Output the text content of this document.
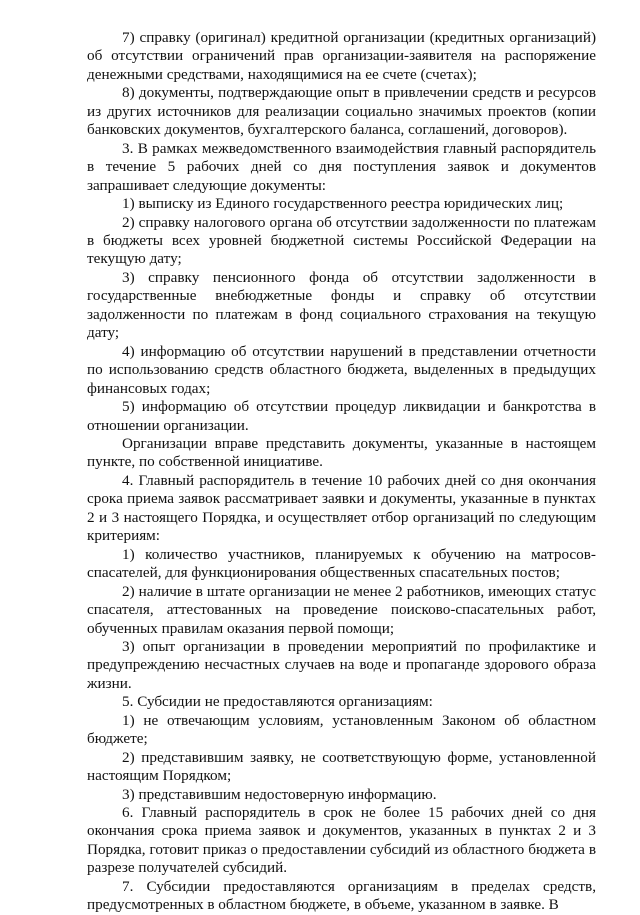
7) справку (оригинал) кредитной организации (кредитных организаций) об отсутствии ограничений прав организации-заявителя на распоряжение денежными средствами, находящимися на ее счете (счетах);

8) документы, подтверждающие опыт в привлечении средств и ресурсов из других источников для реализации социально значимых проектов (копии банковских документов, бухгалтерского баланса, соглашений, договоров).

3. В рамках межведомственного взаимодействия главный распорядитель в течение 5 рабочих дней со дня поступления заявок и документов запрашивает следующие документы:

1) выписку из Единого государственного реестра юридических лиц;

2) справку налогового органа об отсутствии задолженности по платежам в бюджеты всех уровней бюджетной системы Российской Федерации на текущую дату;

3) справку пенсионного фонда об отсутствии задолженности в государственные внебюджетные фонды и справку об отсутствии задолженности по платежам в фонд социального страхования на текущую дату;

4) информацию об отсутствии нарушений в представлении отчетности по использованию средств областного бюджета, выделенных в предыдущих финансовых годах;

5) информацию об отсутствии процедур ликвидации и банкротства в отношении организации.

Организации вправе представить документы, указанные в настоящем пункте, по собственной инициативе.

4. Главный распорядитель в течение 10 рабочих дней со дня окончания срока приема заявок рассматривает заявки и документы, указанные в пунктах 2 и 3 настоящего Порядка, и осуществляет отбор организаций по следующим критериям:

1) количество участников, планируемых к обучению на матросов-спасателей, для функционирования общественных спасательных постов;

2) наличие в штате организации не менее 2 работников, имеющих статус спасателя, аттестованных на проведение поисково-спасательных работ, обученных правилам оказания первой помощи;

3) опыт организации в проведении мероприятий по профилактике и предупреждению несчастных случаев на воде и пропаганде здорового образа жизни.

5. Субсидии не предоставляются организациям:

1) не отвечающим условиям, установленным Законом об областном бюджете;

2) представившим заявку, не соответствующую форме, установленной настоящим Порядком;

3) представившим недостоверную информацию.

6. Главный распорядитель в срок не более 15 рабочих дней со дня окончания срока приема заявок и документов, указанных в пунктах 2 и 3 Порядка, готовит приказ о предоставлении субсидий из областного бюджета в разрезе получателей субсидий.

7. Субсидии предоставляются организациям в пределах средств, предусмотренных в областном бюджете, в объеме, указанном в заявке. В
